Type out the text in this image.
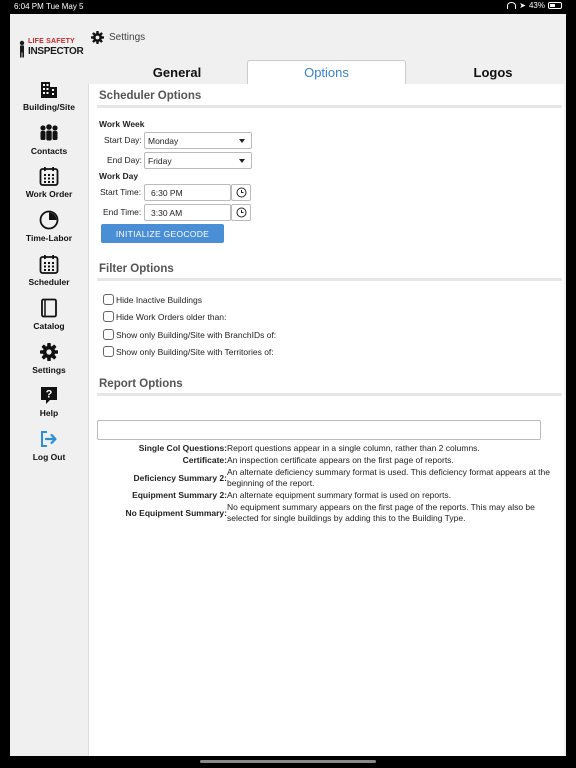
6:04 PM Tue May 5	➤ 43%
LIFE SAFETY
INSPECTOR
Building/Site
Contacts
Work Order
Time-Labor
Scheduler
Catalog
Settings
?
Help
Log Out
Settings
General	Options	Logos
Scheduler Options
Work Week
Start Day: Monday
End Day: Friday
Work Day
Start Time: 6:30 PM
End Time: 3:30 AM
INITIALIZE GEOCODE
Filter Options
Hide Inactive Buildings
Hide Work Orders older than:
Show only Building/Site with BranchIDs of:
Show only Building/Site with Territories of:
Report Options
Single Col Questions: Report questions appear in a single column, rather than 2 columns.
Certificate: An inspection certificate appears on the first page of reports.
Deficiency Summary 2:
An alternate deficiency summary format is used. This deficiency format appears at the beginning of the report.
Equipment Summary 2: An alternate equipment summary format is used on reports.
No Equipment Summary:
No equipment summary appears on the first page of the reports. This may also be selected for single buildings by adding this to the Building Type.
